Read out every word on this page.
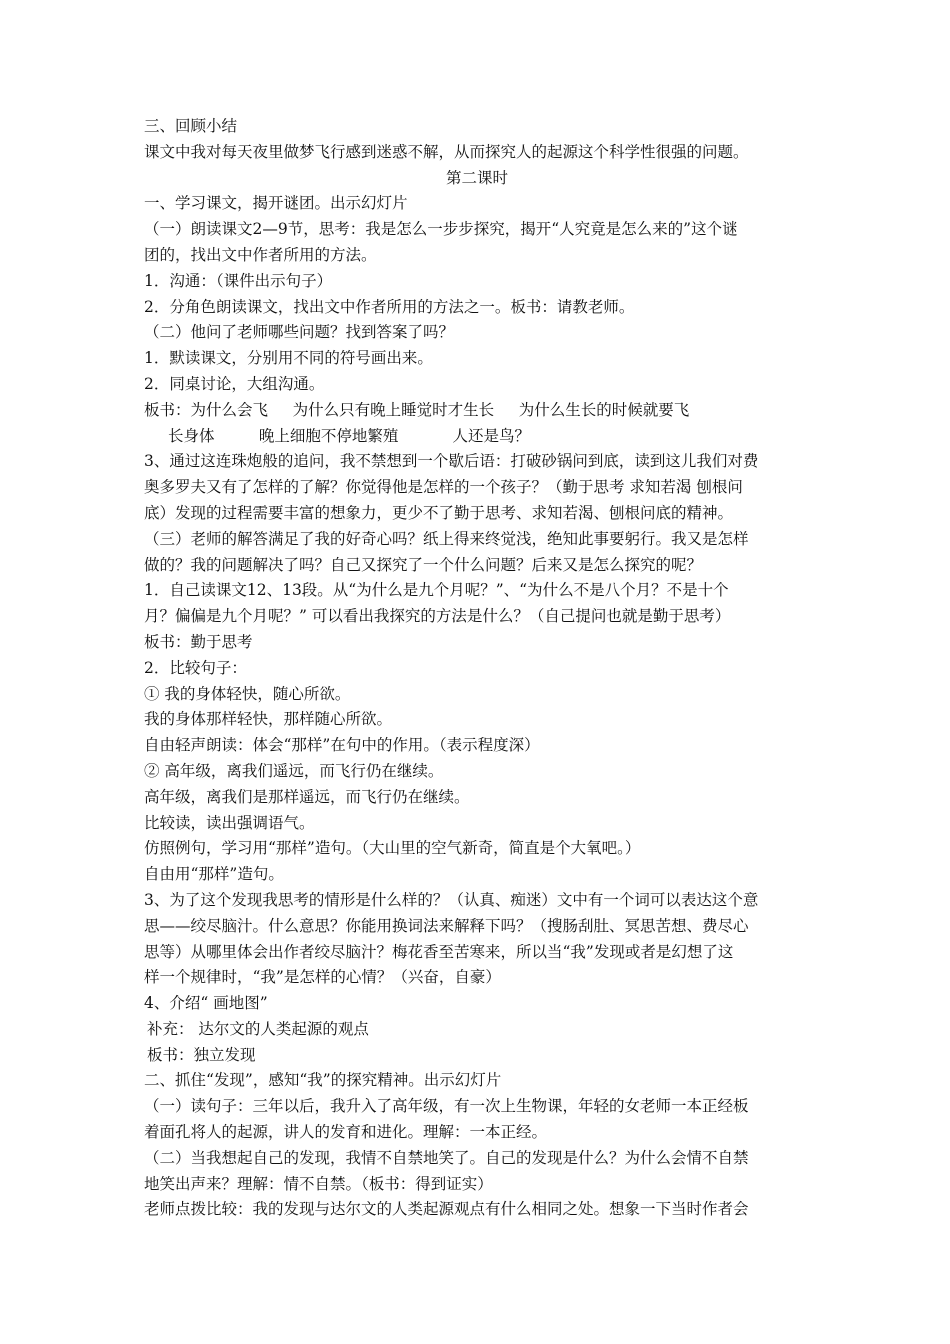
三、回顾小结
课文中我对每天夜里做梦飞行感到迷惑不解，从而探究人的起源这个科学性很强的问题。
第二课时
一、学习课文，揭开谜团。出示幻灯片
（一）朗读课文2—9节，思考：我是怎么一步步探究，揭开“人究竟是怎么来的”这个谜
团的，找出文中作者所用的方法。
1．沟通：（课件出示句子）
2．分角色朗读课文，找出文中作者所用的方法之一。板书：请教老师。
（二）他问了老师哪些问题？找到答案了吗？
1．默读课文，分别用不同的符号画出来。
2．同桌讨论，大组沟通。
板书：为什么会飞     为什么只有晚上睡觉时才生长     为什么生长的时候就要飞
长身体         晚上细胞不停地繁殖           人还是鸟？
3、通过这连珠炮般的追问，我不禁想到一个歇后语：打破砂锅问到底，读到这儿我们对费
奥多罗夫又有了怎样的了解？你觉得他是怎样的一个孩子？（勤于思考 求知若渴 刨根问
底）发现的过程需要丰富的想象力，更少不了勤于思考、求知若渴、刨根问底的精神。
（三）老师的解答满足了我的好奇心吗？纸上得来终觉浅，绝知此事要躬行。我又是怎样
做的？我的问题解决了吗？自己又探究了一个什么问题？后来又是怎么探究的呢？
1．自己读课文12、13段。从“为什么是九个月呢？”、“为什么不是八个月？不是十个
月？偏偏是九个月呢？” 可以看出我探究的方法是什么？（自己提问也就是勤于思考）
板书：勤于思考
2．比较句子：
① 我的身体轻快，随心所欲。
我的身体那样轻快，那样随心所欲。
自由轻声朗读：体会“那样”在句中的作用。（表示程度深）
② 高年级，离我们遥远，而飞行仍在继续。
高年级，离我们是那样遥远，而飞行仍在继续。
比较读，读出强调语气。
仿照例句，学习用“那样”造句。（大山里的空气新奇，简直是个大氧吧。）
自由用“那样”造句。
3、为了这个发现我思考的情形是什么样的？（认真、痴迷）文中有一个词可以表达这个意
思——绞尽脑汁。什么意思？你能用换词法来解释下吗？（搜肠刮肚、冥思苦想、费尽心
思等）从哪里体会出作者绞尽脑汁？梅花香至苦寒来，所以当“我”发现或者是幻想了这
样一个规律时，“我”是怎样的心情？（兴奋，自豪）
4、介绍“ 画地图”
补充： 达尔文的人类起源的观点
板书：独立发现
二、抓住“发现”，感知“我”的探究精神。出示幻灯片
（一）读句子：三年以后，我升入了高年级，有一次上生物课，年轻的女老师一本正经板
着面孔将人的起源，讲人的发育和进化。理解：一本正经。
（二）当我想起自己的发现，我情不自禁地笑了。自己的发现是什么？为什么会情不自禁
地笑出声来？理解：情不自禁。（板书：得到证实）
老师点拨比较：我的发现与达尔文的人类起源观点有什么相同之处。想象一下当时作者会
